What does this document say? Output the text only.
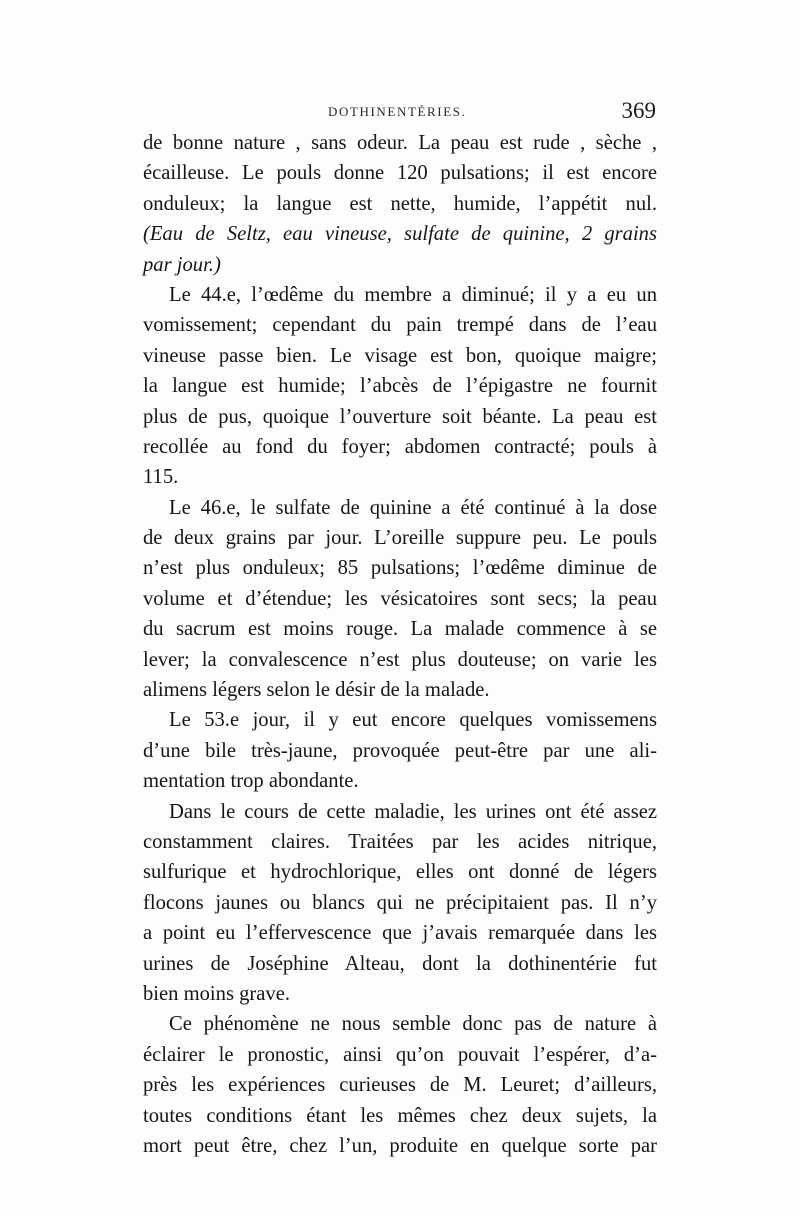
DOTHINENTÉRIES.	369
de bonne nature , sans odeur. La peau est rude , sèche ,
écailleuse. Le pouls donne 120 pulsations; il est encore
onduleux; la langue est nette, humide, l’appétit nul.
(Eau de Seltz, eau vineuse, sulfate de quinine, 2 grains
par jour.)
Le 44.e, l’œdême du membre a diminué; il y a eu un
vomissement; cependant du pain trempé dans de l’eau
vineuse passe bien. Le visage est bon, quoique maigre;
la langue est humide; l’abcès de l’épigastre ne fournit
plus de pus, quoique l’ouverture soit béante. La peau est
recollée au fond du foyer; abdomen contracté; pouls à
115.
Le 46.e, le sulfate de quinine a été continué à la dose
de deux grains par jour. L’oreille suppure peu. Le pouls
n’est plus onduleux; 85 pulsations; l’œdême diminue de
volume et d’étendue; les vésicatoires sont secs; la peau
du sacrum est moins rouge. La malade commence à se
lever; la convalescence n’est plus douteuse; on varie les
alimens légers selon le désir de la malade.
Le 53.e jour, il y eut encore quelques vomissemens
d’une bile très-jaune, provoquée peut-être par une ali-
mentation trop abondante.
Dans le cours de cette maladie, les urines ont été assez
constamment claires. Traitées par les acides nitrique,
sulfurique et hydrochlorique, elles ont donné de légers
flocons jaunes ou blancs qui ne précipitaient pas. Il n’y
a point eu l’effervescence que j’avais remarquée dans les
urines de Joséphine Alteau, dont la dothinentérie fut
bien moins grave.
Ce phénomène ne nous semble donc pas de nature à
éclairer le pronostic, ainsi qu’on pouvait l’espérer, d’a-
près les expériences curieuses de M. Leuret; d’ailleurs,
toutes conditions étant les mêmes chez deux sujets, la
mort peut être, chez l’un, produite en quelque sorte par
